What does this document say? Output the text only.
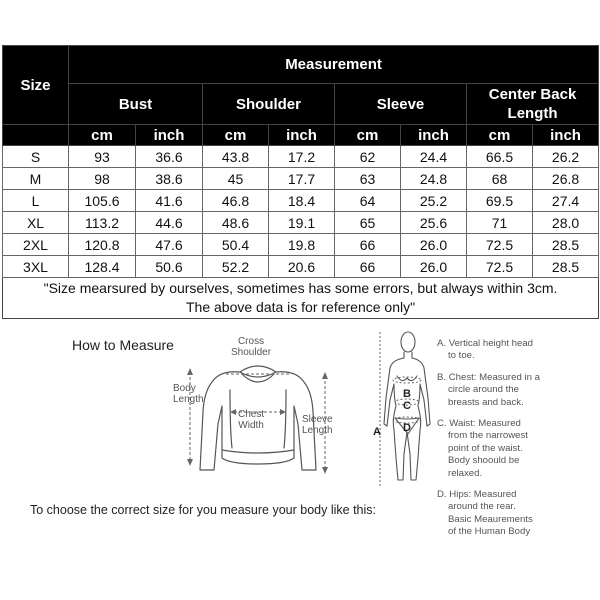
Size	Measurement							
	Bust		Shoulder		Sleeve		Center Back Length	
	cm	inch	cm	inch	cm	inch	cm	inch
S	93	36.6	43.8	17.2	62	24.4	66.5	26.2
M	98	38.6	45	17.7	63	24.8	68	26.8
L	105.6	41.6	46.8	18.4	64	25.2	69.5	27.4
XL	113.2	44.6	48.6	19.1	65	25.6	71	28.0
2XL	120.8	47.6	50.4	19.8	66	26.0	72.5	28.5
3XL	128.4	50.6	52.2	20.6	66	26.0	72.5	28.5

"Size mearsured by ourselves, sometimes has some errors, but always within 3cm.
The above data is for reference only"								
How to Measure	Cross
Shoulder
Body
Length
Chest
Width
Sleeve
Length
To choose the correct size for you measure your body like this:
A
B
C
D
A. Vertical height head
to toe.
B. Chest: Measured in a
circle around the
breasts and back.
C. Waist: Measured
from the narrowest
point of the waist.
Body shoould be
relaxed.
D. Hips: Measured
around the rear.
Basic Meaurements
of the Human Body
